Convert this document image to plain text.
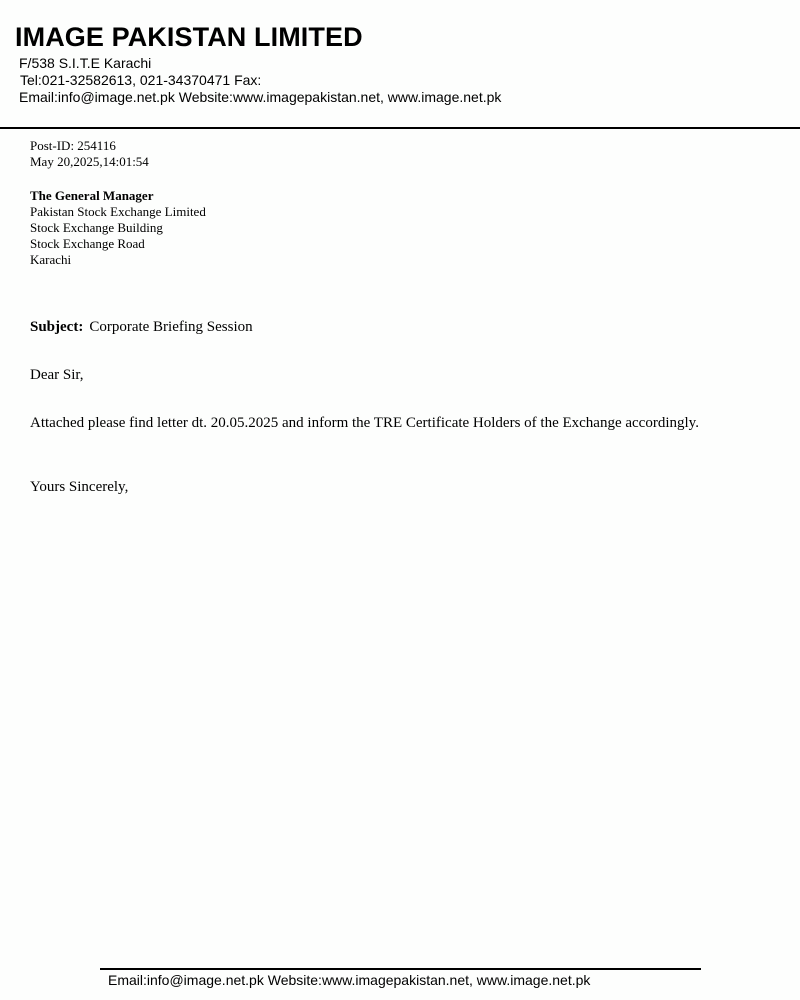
IMAGE PAKISTAN LIMITED
F/538 S.I.T.E Karachi
Tel:021-32582613, 021-34370471 Fax:
Email:info@image.net.pk Website:www.imagepakistan.net, www.image.net.pk
Post-ID: 254116
May 20,2025,14:01:54
The General Manager
Pakistan Stock Exchange Limited
Stock Exchange Building
Stock Exchange Road
Karachi
Subject: Corporate Briefing Session
Dear Sir,
Attached please find letter dt. 20.05.2025 and inform the TRE Certificate Holders of the Exchange accordingly.
Yours Sincerely,
Email:info@image.net.pk Website:www.imagepakistan.net, www.image.net.pk
